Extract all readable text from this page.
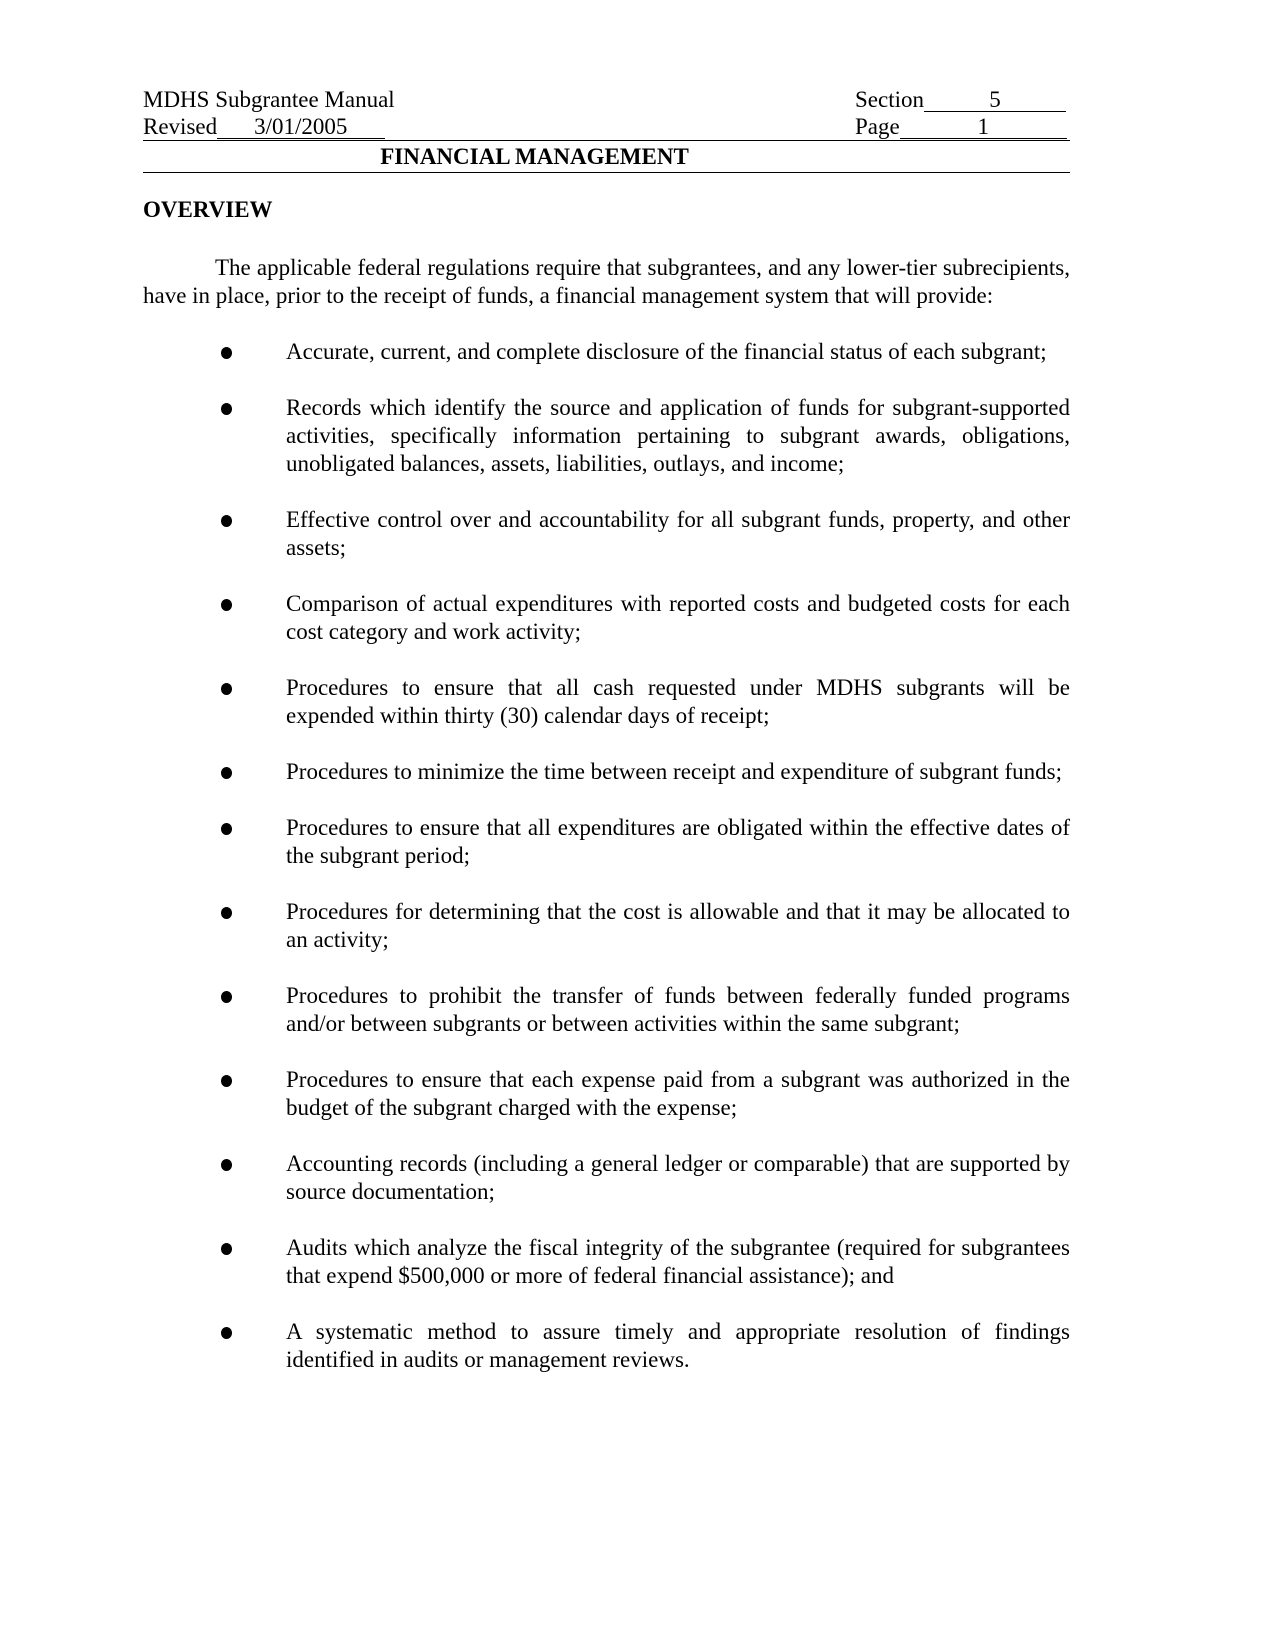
MDHS Subgrantee Manual	Section	5
Revised 3/01/2005	Page	1
FINANCIAL MANAGEMENT
OVERVIEW
The applicable federal regulations require that subgrantees, and any lower-tier subrecipients, have in place, prior to the receipt of funds, a financial management system that will provide:
Accurate, current, and complete disclosure of the financial status of each subgrant;
Records which identify the source and application of funds for subgrant-supported activities, specifically information pertaining to subgrant awards, obligations, unobligated balances, assets, liabilities, outlays, and income;
Effective control over and accountability for all subgrant funds, property, and other assets;
Comparison of actual expenditures with reported costs and budgeted costs for each cost category and work activity;
Procedures to ensure that all cash requested under MDHS subgrants will be expended within thirty (30) calendar days of receipt;
Procedures to minimize the time between receipt and expenditure of subgrant funds;
Procedures to ensure that all expenditures are obligated within the effective dates of the subgrant period;
Procedures for determining that the cost is allowable and that it may be allocated to an activity;
Procedures to prohibit the transfer of funds between federally funded programs and/or between subgrants or between activities within the same subgrant;
Procedures to ensure that each expense paid from a subgrant was authorized in the budget of the subgrant charged with the expense;
Accounting records (including a general ledger or comparable) that are supported by source documentation;
Audits which analyze the fiscal integrity of the subgrantee (required for subgrantees that expend $500,000 or more of federal financial assistance); and
A systematic method to assure timely and appropriate resolution of findings identified in audits or management reviews.
